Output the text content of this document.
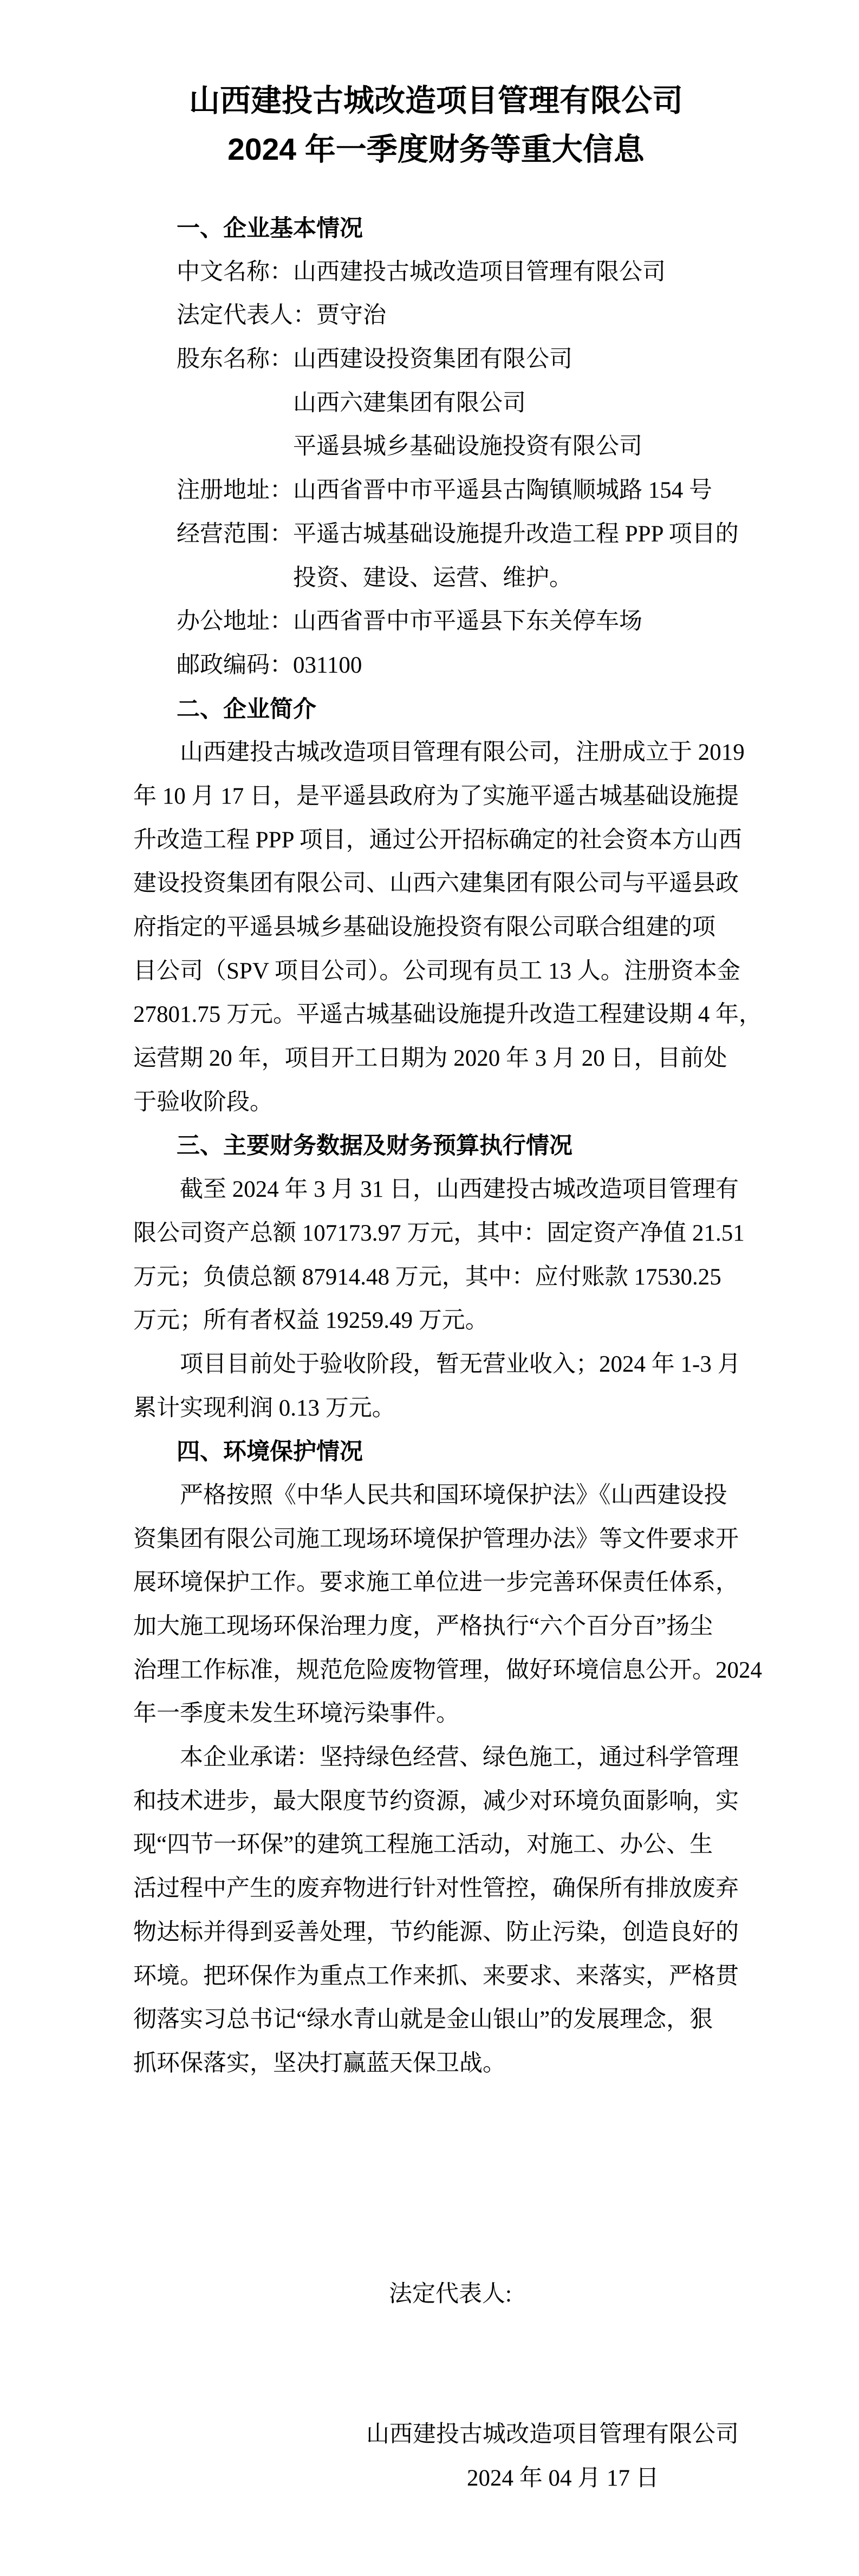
山西建投古城改造项目管理有限公司
2024 年一季度财务等重大信息
一、企业基本情况
中文名称：山西建投古城改造项目管理有限公司
法定代表人：贾守治
股东名称：山西建设投资集团有限公司
山西六建集团有限公司
平遥县城乡基础设施投资有限公司
注册地址：山西省晋中市平遥县古陶镇顺城路 154 号
经营范围：平遥古城基础设施提升改造工程 PPP 项目的
投资、建设、运营、维护。
办公地址：山西省晋中市平遥县下东关停车场
邮政编码：031100
二、企业简介
山西建投古城改造项目管理有限公司，注册成立于 2019
年 10 月 17 日，是平遥县政府为了实施平遥古城基础设施提
升改造工程 PPP 项目，通过公开招标确定的社会资本方山西
建设投资集团有限公司、山西六建集团有限公司与平遥县政
府指定的平遥县城乡基础设施投资有限公司联合组建的项
目公司（SPV 项目公司）。公司现有员工 13 人。注册资本金
27801.75 万元。平遥古城基础设施提升改造工程建设期 4 年，
运营期 20 年，项目开工日期为 2020 年 3 月 20 日，目前处
于验收阶段。
三、主要财务数据及财务预算执行情况
截至 2024 年 3 月 31 日，山西建投古城改造项目管理有
限公司资产总额 107173.97 万元，其中：固定资产净值 21.51
万元；负债总额 87914.48 万元，其中：应付账款 17530.25
万元；所有者权益 19259.49 万元。
项目目前处于验收阶段，暂无营业收入；2024 年 1-3 月
累计实现利润 0.13 万元。
四、环境保护情况
严格按照《中华人民共和国环境保护法》《山西建设投
资集团有限公司施工现场环境保护管理办法》等文件要求开
展环境保护工作。要求施工单位进一步完善环保责任体系，
加大施工现场环保治理力度，严格执行“六个百分百”扬尘
治理工作标准，规范危险废物管理，做好环境信息公开。2024
年一季度未发生环境污染事件。
本企业承诺：坚持绿色经营、绿色施工，通过科学管理
和技术进步，最大限度节约资源，减少对环境负面影响，实
现“四节一环保”的建筑工程施工活动，对施工、办公、生
活过程中产生的废弃物进行针对性管控，确保所有排放废弃
物达标并得到妥善处理，节约能源、防止污染，创造良好的
环境。把环保作为重点工作来抓、来要求、来落实，严格贯
彻落实习总书记“绿水青山就是金山银山”的发展理念，狠
抓环保落实，坚决打赢蓝天保卫战。
法定代表人:
山西建投古城改造项目管理有限公司
2024 年 04 月 17 日
